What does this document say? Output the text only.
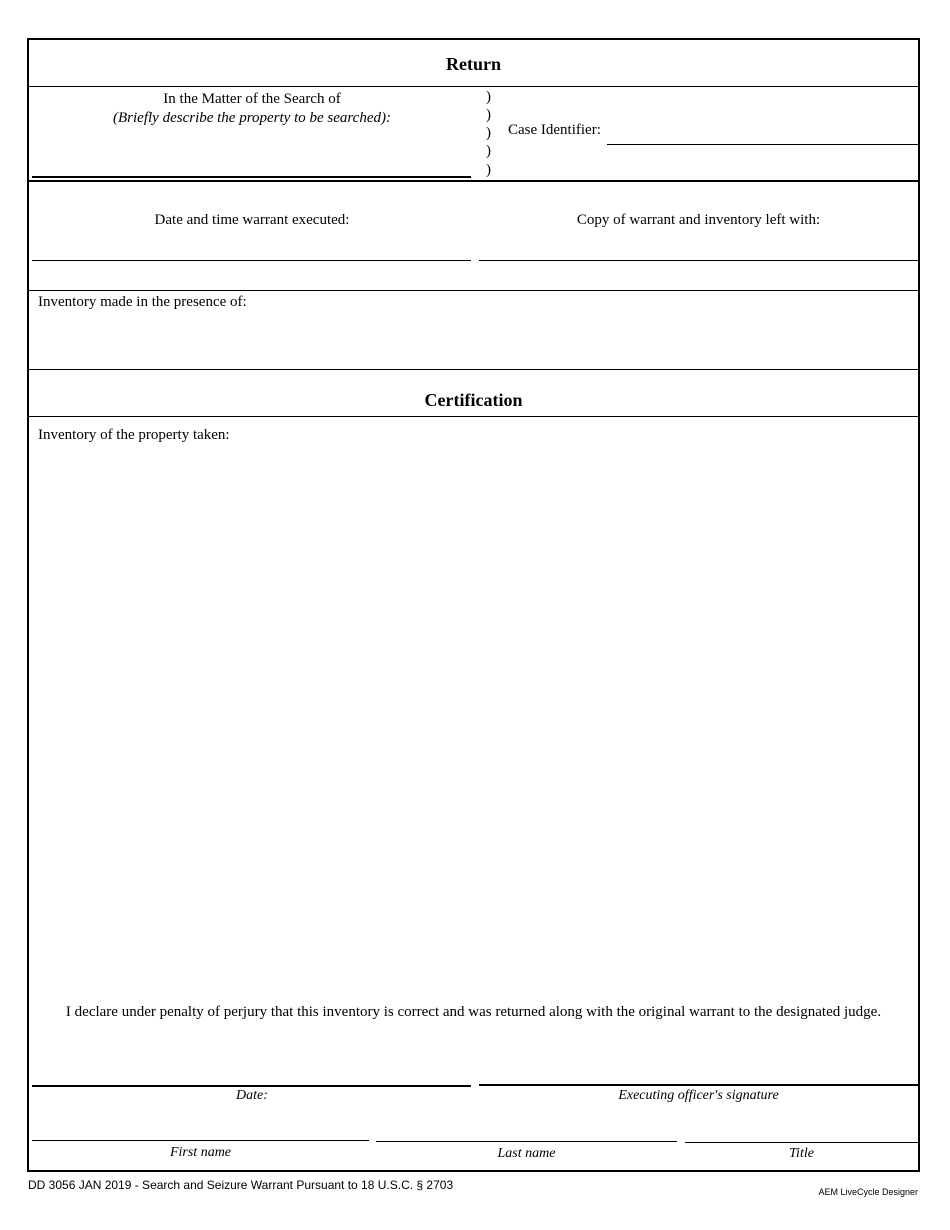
Return
In the Matter of the Search of
(Briefly describe the property to be searched):
)
)
)
)
)
Case Identifier:
Date and time warrant executed:	Copy of warrant and inventory left with:
Inventory made in the presence of:
Certification
Inventory of the property taken:
I declare under penalty of perjury that this inventory is correct and was returned along with the original warrant to the designated judge.
Date:	Executing officer's signature
First name	Last name	Title
DD 3056 JAN 2019 - Search and Seizure Warrant Pursuant to 18 U.S.C. § 2703	AEM LiveCycle Designer
